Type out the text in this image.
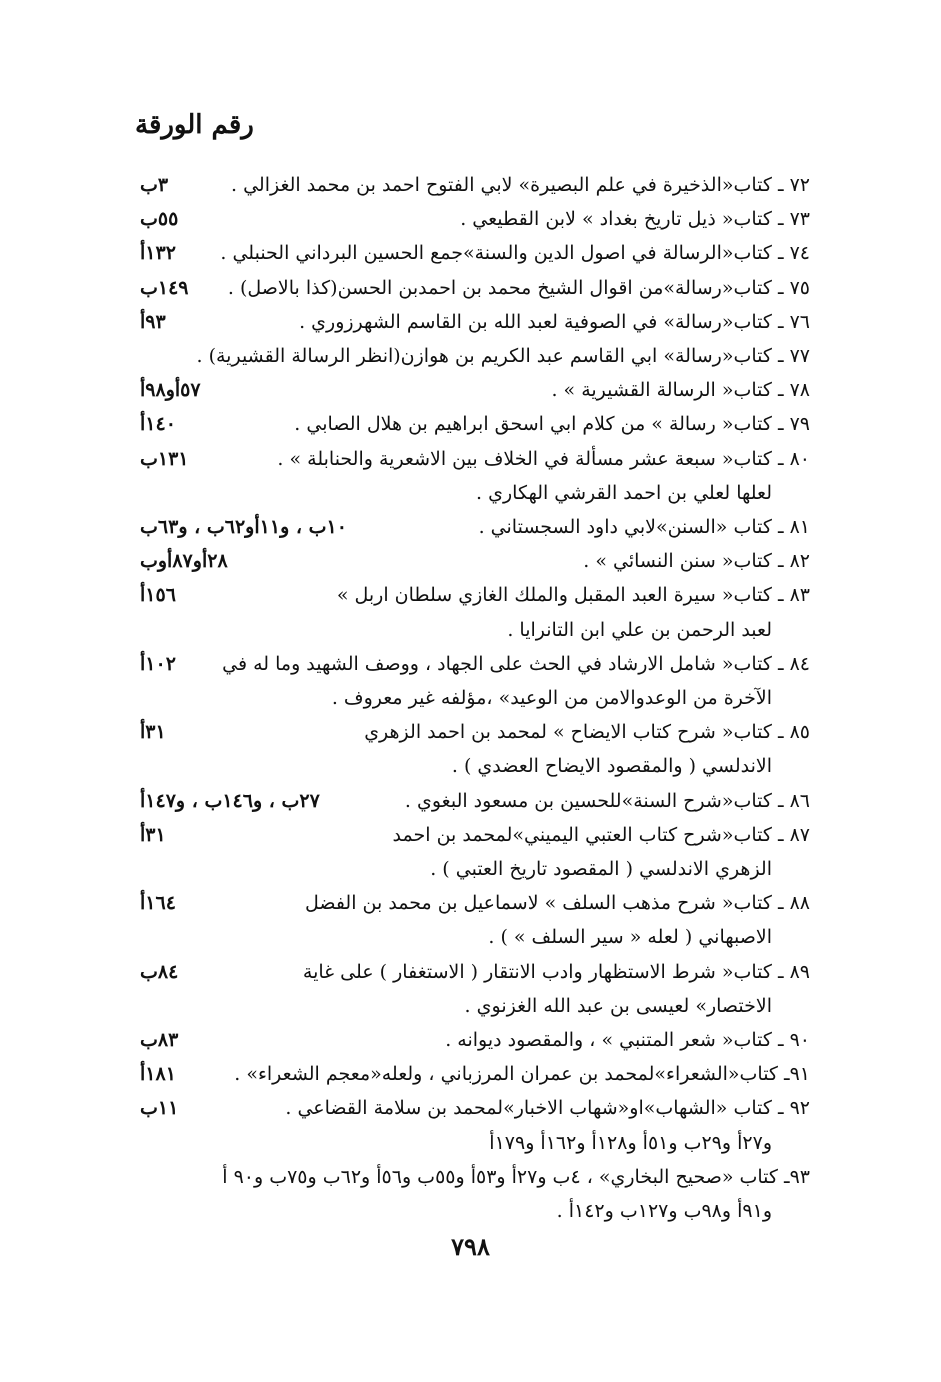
رقم الورقة
٧٢ ـ كتاب«الذخيرة في علم البصيرة» لابي الفتوح احمد بن محمد الغزالي .
٣ب
٧٣ ـ كتاب« ذيل تاريخ بغداد » لابن القطيعي .
٥٥ب
٧٤ ـ كتاب«الرسالة في اصول الدين والسنة»جمع الحسين البرداني الحنبلي .
١٣٢أ
٧٥ ـ كتاب«رسالة»من اقوال الشيخ محمد بن احمدبن الحسن(كذا بالاصل) .
١٤٩ب
٧٦ ـ كتاب«رسالة» في الصوفية لعبد الله بن القاسم الشهرزوري .
٩٣أ
٧٧ ـ كتاب«رسالة» ابي القاسم عبد الكريم بن هوازن(انظر الرسالة القشيرية) .
٧٨ ـ كتاب« الرسالة القشيرية » .
٥٧أو٩٨أ
٧٩ ـ كتاب« رسالة » من كلام ابي اسحق ابراهيم بن هلال الصابي .
١٤٠أ
٨٠ ـ كتاب« سبعة عشر مسألة في الخلاف بين الاشعرية والحنابلة » .
١٣١ب
لعلها لعلي بن احمد القرشي الهكاري .
٨١ ـ كتاب «السنن»لابي داود السجستاني .
١٠ب ، و١١أو٦٢ب ، و٦٣ب
٨٢ ـ كتاب« سنن النسائي » .
٢٨أو٨٧أوب
٨٣ ـ كتاب« سيرة العبد المقبل والملك الغازي سلطان اربل »
١٥٦أ
لعبد الرحمن بن علي ابن التانرايا .
٨٤ ـ كتاب« شامل الارشاد في الحث على الجهاد ، ووصف الشهيد وما له في
١٠٢أ
الآخرة من الوعدوالامن من الوعيد» ،مؤلفه غير معروف .
٨٥ ـ كتاب« شرح كتاب الايضاح » لمحمد بن احمد الزهري
٣١أ
الاندلسي ( والمقصود الايضاح العضدي ) .
٨٦ ـ كتاب«شرح السنة»للحسين بن مسعود البغوي .
٢٧ب ، و١٤٦ب ، و١٤٧أ
٨٧ ـ كتاب«شرح كتاب العتبي اليميني»لمحمد بن احمد
٣١أ
الزهري الاندلسي ( المقصود تاريخ العتبي ) .
٨٨ ـ كتاب« شرح مذهب السلف » لاسماعيل بن محمد بن الفضل
١٦٤أ
الاصبهاني ( لعله « سير السلف » ) .
٨٩ ـ كتاب« شرط الاستظهار وادب الانتقار ( الاستغفار ) على غاية
٨٤ب
الاختصار» لعيسى بن عبد الله الغزنوي .
٩٠ ـ كتاب« شعر المتنبي » ، والمقصود ديوانه .
٨٣ب
٩١ـ كتاب«الشعراء»لمحمد بن عمران المرزباني ، ولعله«معجم الشعراء» .
١٨١أ
٩٢ ـ كتاب «الشهاب»او«شهاب الاخبار»لمحمد بن سلامة القضاعي .
١١ب
و٢٧أ و٢٩ب و٥١أ و١٢٨أ و١٦٢أ و١٧٩أ
٩٣ـ كتاب «صحيح البخاري» ، ٤ب و٢٧أ و٥٣أ و٥٥ب و٥٦أ و٦٢ب و٧٥ب و٩٠ أ
و٩١أ و٩٨ب و١٢٧ب و١٤٢أ .
٧٩٨
